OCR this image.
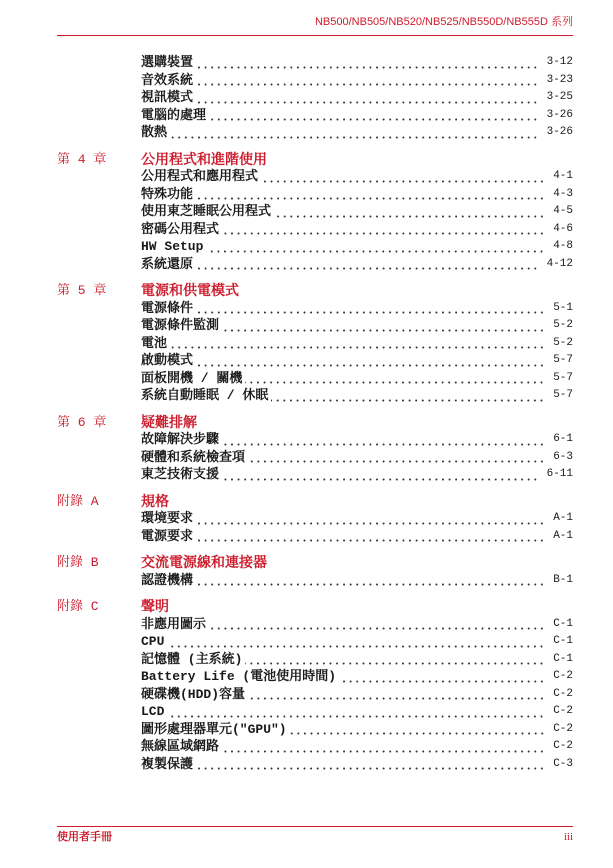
NB500/NB505/NB520/NB525/NB550D/NB555D 系列
選購裝置	3-12
音效系統	3-23
視訊模式	3-25
電腦的處理	3-26
散熱	3-26
第 4 章	公用程式和進階使用
公用程式和應用程式	4-1
特殊功能	4-3
使用東芝睡眠公用程式	4-5
密碼公用程式	4-6
HW Setup	4-8
系統還原	4-12
第 5 章	電源和供電模式
電源條件	5-1
電源條件監測	5-2
電池	5-2
啟動模式	5-7
面板開機 / 關機	5-7
系統自動睡眠 / 休眠	5-7
第 6 章	疑難排解
故障解決步驟	6-1
硬體和系統檢查項	6-3
東芝技術支援	6-11
附錄 A	規格
環境要求	A-1
電源要求	A-1
附錄 B	交流電源線和連接器
認證機構	B-1
附錄 C	聲明
非應用圖示	C-1
CPU	C-1
記憶體 (主系統)	C-1
Battery Life (電池使用時間)	C-2
硬碟機(HDD)容量	C-2
LCD	C-2
圖形處理器單元("GPU")	C-2
無線區域網路	C-2
複製保護	C-3
使用者手冊	iii
